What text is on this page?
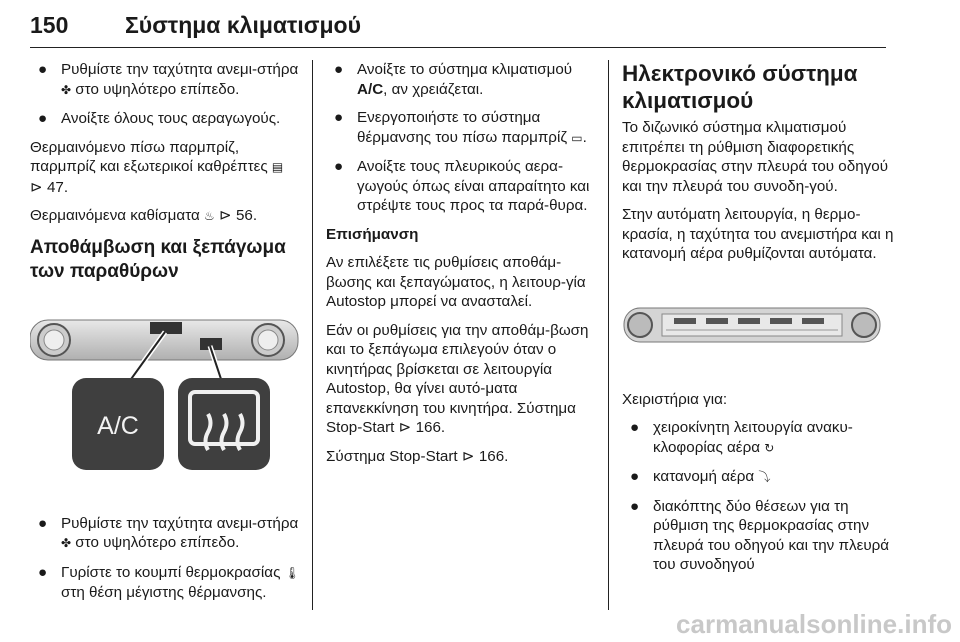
150 Σύστημα κλιματισμού
● Ρυθμίστε την ταχύτητα ανεμι-στήρα ✤ στο υψηλότερο επίπεδο.
● Ανοίξτε όλους τους αεραγωγούς.

Θερμαινόμενο πίσω παρμπρίζ, παρμπρίζ και εξωτερικοί καθρέπτες ▤
⊳ 47.

Θερμαινόμενα καθίσματα ♨ ⊳ 56.

Αποθάμβωση και ξεπάγωμα των παραθύρων
A/C
● Ρυθμίστε την ταχύτητα ανεμι-στήρα ✤ στο υψηλότερο επίπεδο.
● Γυρίστε το κουμπί θερμοκρασίας 🌡 στη θέση μέγιστης θέρμανσης.
● Ανοίξτε το σύστημα κλιματισμού A/C, αν χρειάζεται.
● Ενεργοποιήστε το σύστημα θέρμανσης του πίσω παρμπρίζ ▭.
● Ανοίξτε τους πλευρικούς αερα-γωγούς όπως είναι απαραίτητο και στρέψτε τους προς τα παρά-θυρα.

Επισήμανση

Αν επιλέξετε τις ρυθμίσεις αποθάμ-βωσης και ξεπαγώματος, η λειτουρ-γία Autostop μπορεί να ανασταλεί.

Εάν οι ρυθμίσεις για την αποθάμ-βωση και το ξεπάγωμα επιλεγούν όταν ο κινητήρας βρίσκεται σε λειτουργία Autostop, θα γίνει αυτό-ματα επανεκκίνηση του κινητήρα. Σύστημα Stop-Start ⊳ 166.

Σύστημα Stop-Start ⊳ 166.

Ηλεκτρονικό σύστημα κλιματισμού

Το διζωνικό σύστημα κλιματισμού επιτρέπει τη ρύθμιση διαφορετικής θερμοκρασίας στην πλευρά του οδηγού και την πλευρά του συνοδη-γού.

Στην αυτόματη λειτουργία, η θερμο-κρασία, η ταχύτητα του ανεμιστήρα και η κατανομή αέρα ρυθμίζονται αυτόματα.

Χειριστήρια για:

● χειροκίνητη λειτουργία ανακυ-κλοφορίας αέρα ↻
● κατανομή αέρα ⤵
● διακόπτης δύο θέσεων για τη ρύθμιση της θερμοκρασίας στην πλευρά του οδηγού και την πλευρά του συνοδηγού
carmanualsonline.info
